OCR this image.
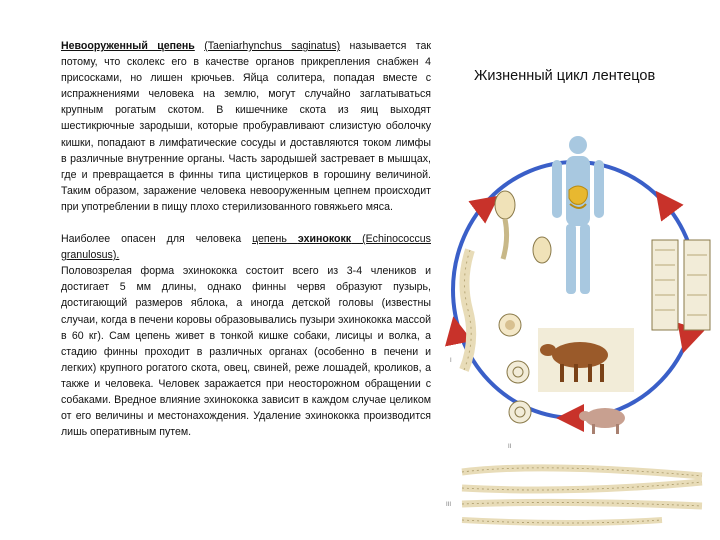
Невооруженный цепень (Taeniarhynchus saginatus) называется так потому, что сколекс его в качестве органов прикрепления снабжен 4 присосками, но лишен крючьев. Яйца солитера, попадая вместе с испражнениями человека на землю, могут случайно заглатываться крупным рогатым скотом. В кишечнике скота из яиц выходят шестикрючные зародыши, которые пробуравливают слизистую оболочку кишки, попадают в лимфатические сосуды и доставляются током лимфы в различные внутренние органы. Часть зародышей застревает в мышцах, где и превращается в финны типа цистицерков в горошину величиной. Таким образом, заражение человека невооруженным цепнем происходит при употреблении в пищу плохо стерилизованного говяжьего мяса.

Наиболее опасен для человека цепень эхинококк (Echinococcus granulosus).
Половозрелая форма эхинококка состоит всего из 3-4 члеников и достигает 5 мм длины, однако финны червя образуют пузырь, достигающий размеров яблока, а иногда детской головы (известны случаи, когда в печени коровы образовывались пузыри эхинококка массой в 60 кг). Сам цепень живет в тонкой кишке собаки, лисицы и волка, а стадию финны проходит в различных органах (особенно в печени и легких) крупного рогатого скота, овец, свиней, реже лошадей, кроликов, а также и человека. Человек заражается при неосторожном обращении с собаками. Вредное влияние эхинококка зависит в каждом случае целиком от его величины и местонахождения. Удаление эхинококка производится лишь оперативным путем.

Жизненный цикл лентецов
I
II
III
